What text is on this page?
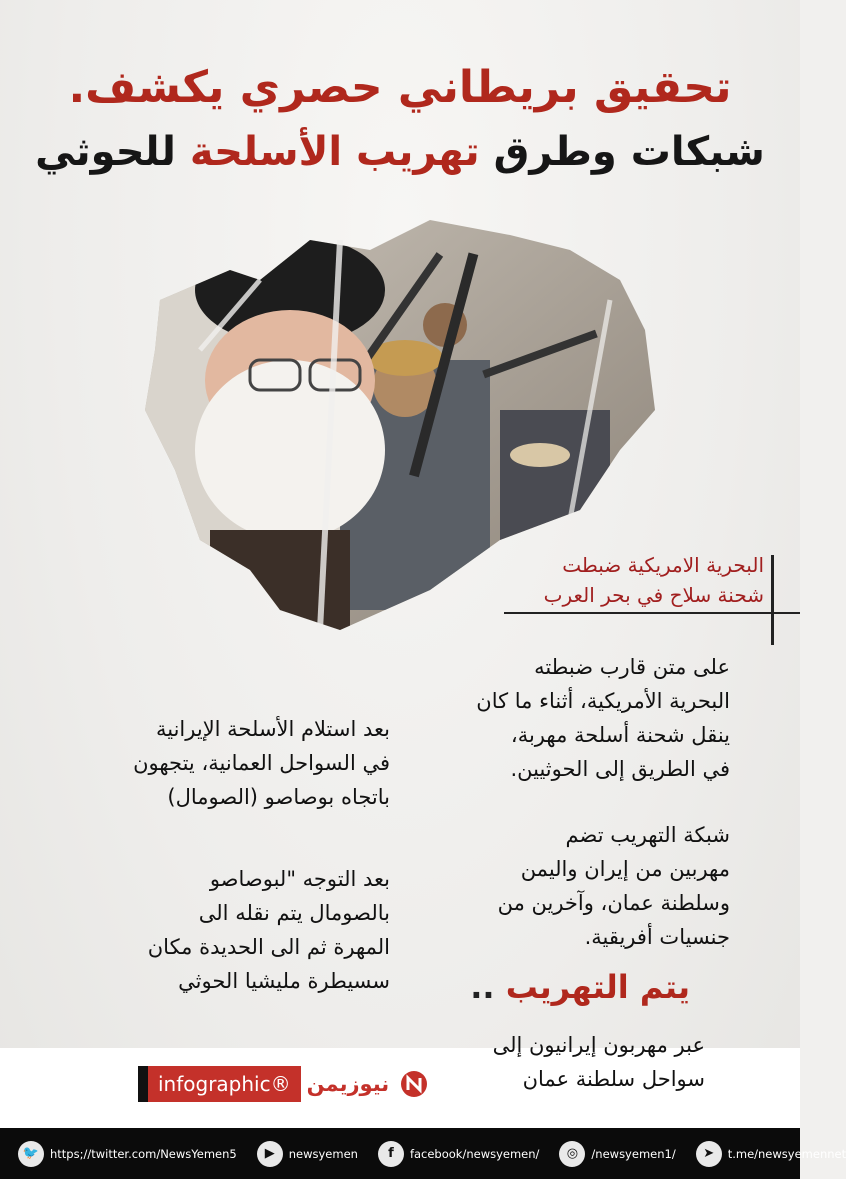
تحقيق بريطاني حصري يكشف.
شبكات وطرق تهريب الأسلحة للحوثي
البحرية الامريكية ضبطت
شحنة سلاح في بحر العرب
على متن قارب ضبطته
البحرية الأمريكية، أثناء ما كان
ينقل شحنة أسلحة مهربة،
في الطريق إلى الحوثيين.
شبكة التهريب تضم
مهربين من إيران واليمن
وسلطنة عمان، وآخرين من
جنسيات أفريقية.
يتم التهريب ..
بعد استلام الأسلحة الإيرانية
في السواحل العمانية، يتجهون
باتجاه بوصاصو (الصومال)
بعد التوجه "لبوصاصو
بالصومال يتم نقله الى
المهرة ثم الى الحديدة مكان
سسيطرة مليشيا الحوثي
عبر مهربون إيرانيون إلى
سواحل سلطنة عمان
infographic® نيوزيمن
🐦 https;//twitter.com/NewsYemen5	▶	newsyemen	f	facebook/newsyemen/	◎	/newsyemen1/	➤	t.me/newsyemennet
